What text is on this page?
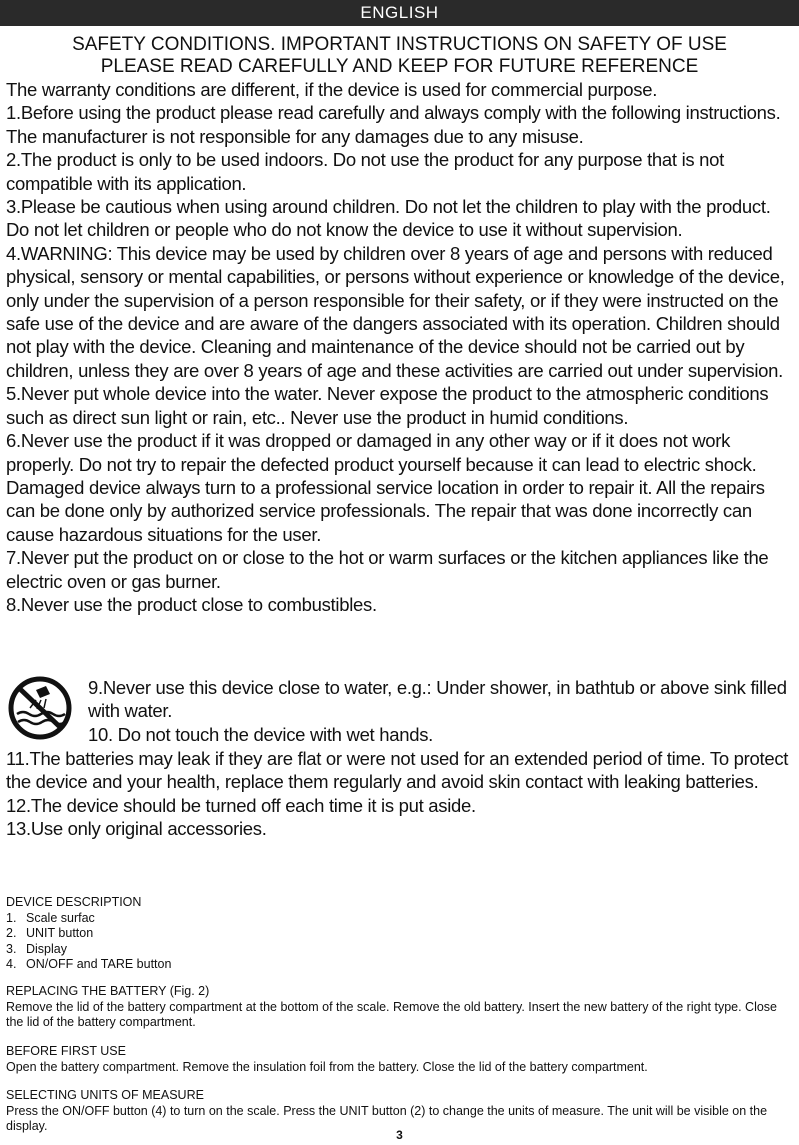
ENGLISH
SAFETY CONDITIONS. IMPORTANT INSTRUCTIONS ON SAFETY OF USE
PLEASE READ CAREFULLY AND KEEP FOR FUTURE REFERENCE

The warranty conditions are different, if the device is used for commercial purpose.

1.Before using the product please read carefully and always comply with the following instructions. The manufacturer is not responsible for any damages due to any misuse.

2.The product is only to be used indoors. Do not use the product for any purpose that is not compatible with its application.

3.Please be cautious when using around children. Do not let the children to play with the product. Do not let children or people who do not know the device to use it without supervision.

4.WARNING: This device may be used by children over 8 years of age and persons with reduced physical, sensory or mental capabilities, or persons without experience or knowledge of the device, only under the supervision of a person responsible for their safety, or if they were instructed on the safe use of the device and are aware of the dangers associated with its operation. Children should not play with the device. Cleaning and maintenance of the device should not be carried out by children, unless they are over 8 years of age and these activities are carried out under supervision.

5.Never put whole device into the water. Never expose the product to the atmospheric conditions such as direct sun light or rain, etc.. Never use the product in humid conditions.

6.Never use the product if it was dropped or damaged in any other way or if it does not work properly. Do not try to repair the defected product yourself because it can lead to electric shock. Damaged device always turn to a professional service location in order to repair it. All the repairs can be done only by authorized service professionals. The repair that was done incorrectly can cause hazardous situations for the user.

7.Never put the product on or close to the hot or warm surfaces or the kitchen appliances like the electric oven or gas burner.

8.Never use the product close to combustibles.

9.Never use this device close to water, e.g.: Under shower, in bathtub or above sink filled with water.

10. Do not touch the device with wet hands.

11.The batteries may leak if they are flat or were not used for an extended period of time. To protect the device and your health, replace them regularly and avoid skin contact with leaking batteries.

12.The device should be turned off each time it is put aside.

13.Use only original accessories.

DEVICE DESCRIPTION

1. Scale surfac
2. UNIT button
3. Display
4. ON/OFF and TARE button

REPLACING THE BATTERY (Fig. 2)

Remove the lid of the battery compartment at the bottom of the scale. Remove the old battery. Insert the new battery of the right type. Close the lid of the battery compartment.

BEFORE FIRST USE

Open the battery compartment. Remove the insulation foil from the battery. Close the lid of the battery compartment.

SELECTING UNITS OF MEASURE

Press the ON/OFF button (4) to turn on the scale. Press the UNIT button (2) to change the units of measure. The unit will be visible on the display.

3
